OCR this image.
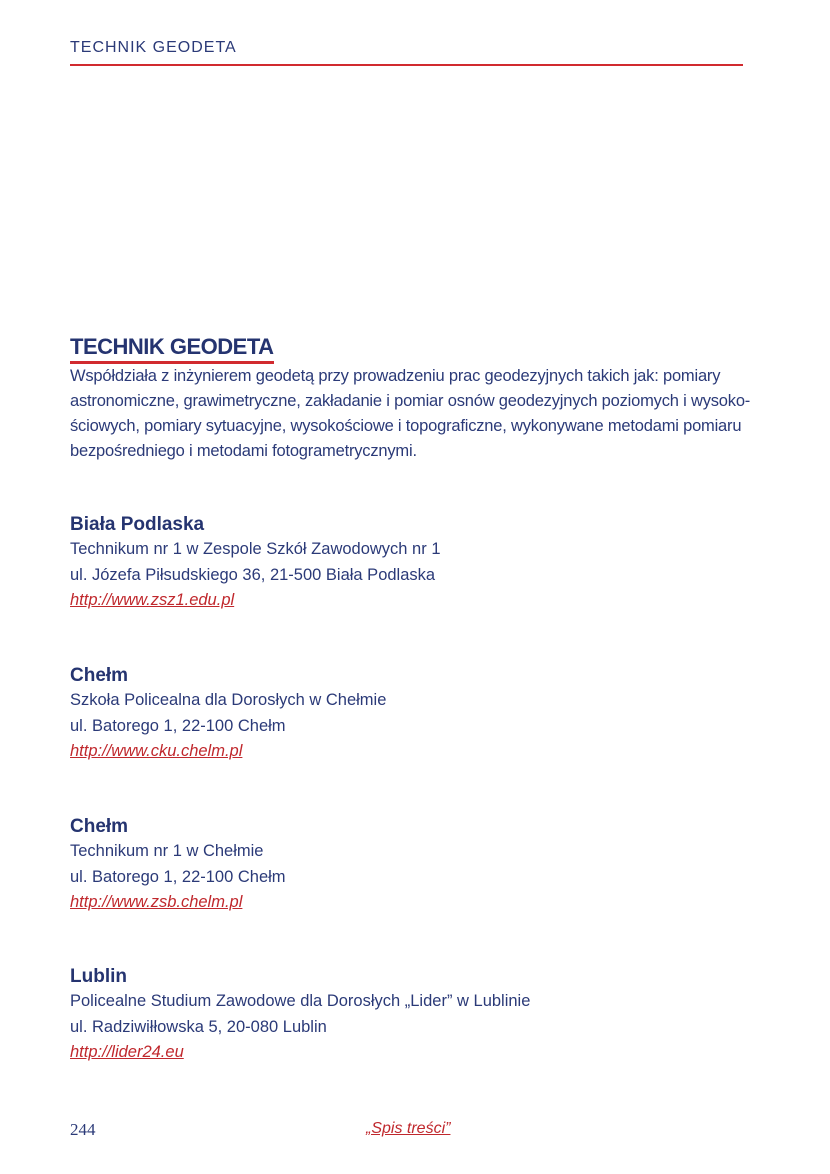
TECHNIK GEODETA
TECHNIK GEODETA
Współdziała z inżynierem geodetą przy prowadzeniu prac geodezyjnych takich jak: pomiary
astronomiczne, grawimetryczne, zakładanie i pomiar osnów geodezyjnych poziomych i wysoko-
ściowych, pomiary sytuacyjne, wysokościowe i topograficzne, wykonywane metodami pomiaru
bezpośredniego i metodami fotogrametrycznymi.
Biała Podlaska
Technikum nr 1 w Zespole Szkół Zawodowych nr 1
ul. Józefa Piłsudskiego 36, 21-500 Biała Podlaska
http://www.zsz1.edu.pl
Chełm
Szkoła Policealna dla Dorosłych w Chełmie
ul. Batorego 1, 22-100 Chełm
http://www.cku.chelm.pl
Chełm
Technikum nr 1 w Chełmie
ul. Batorego 1, 22-100 Chełm
http://www.zsb.chelm.pl
Lublin
Policealne Studium Zawodowe dla Dorosłych „Lider” w Lublinie
ul. Radziwiłłowska 5, 20-080 Lublin
http://lider24.eu
244	„Spis treści”
